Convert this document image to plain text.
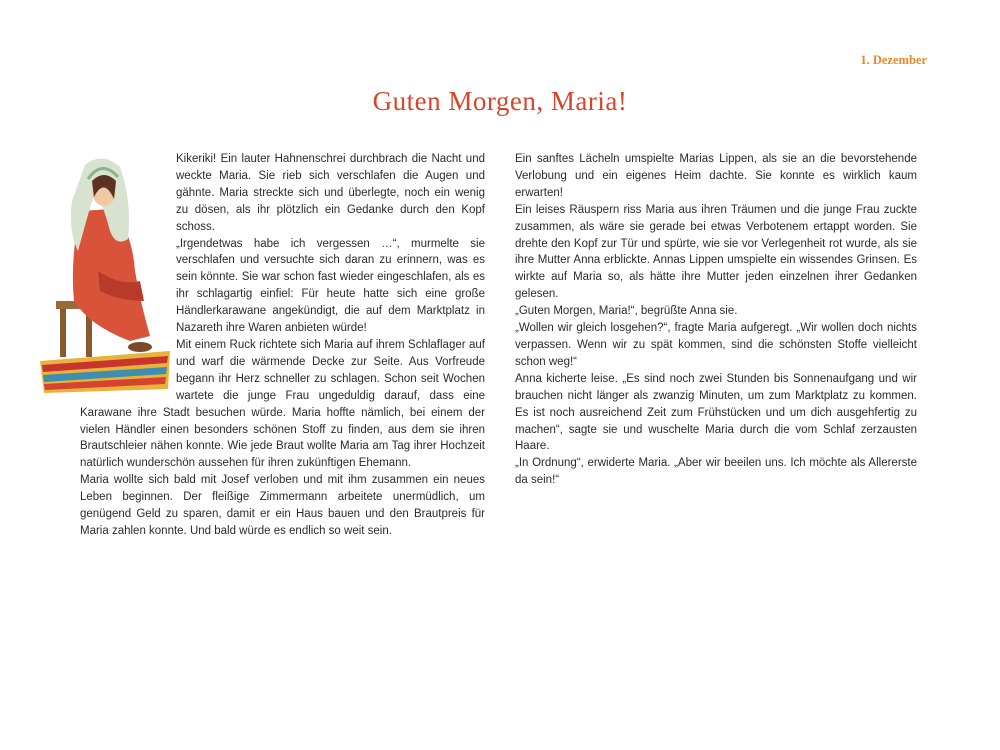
1. Dezember
Guten Morgen, Maria!

Kikeriki! Ein lauter Hahnenschrei durchbrach die Nacht und weckte Maria. Sie rieb sich verschlafen die Augen und gähnte. Maria streckte sich und überlegte, noch ein wenig zu dösen, als ihr plötzlich ein Gedanke durch den Kopf schoss.

„Irgendetwas habe ich vergessen …“, murmelte sie verschlafen und versuchte sich daran zu erinnern, was es sein könnte. Sie war schon fast wieder eingeschlafen, als es ihr schlagartig einfiel: Für heute hatte sich eine große Händlerkarawane angekündigt, die auf dem Marktplatz in Nazareth ihre Waren anbieten würde!

Mit einem Ruck richtete sich Maria auf ihrem Schlaflager auf und warf die wärmende Decke zur Seite. Aus Vorfreude begann ihr Herz schneller zu schlagen. Schon seit Wochen wartete die junge Frau ungeduldig darauf, dass eine Karawane ihre Stadt besuchen würde. Maria hoffte nämlich, bei einem der vielen Händler einen besonders schönen Stoff zu finden, aus dem sie ihren Brautschleier nähen konnte. Wie jede Braut wollte Maria am Tag ihrer Hochzeit natürlich wunderschön aussehen für ihren zukünftigen Ehemann.

Maria wollte sich bald mit Josef verloben und mit ihm zusammen ein neues Leben beginnen. Der fleißige Zimmermann arbeitete unermüdlich, um genügend Geld zu sparen, damit er ein Haus bauen und den Brautpreis für Maria zahlen konnte. Und bald würde es endlich so weit sein.

Ein sanftes Lächeln umspielte Marias Lippen, als sie an die bevorstehende Verlobung und ein eigenes Heim dachte. Sie konnte es wirklich kaum erwarten!

Ein leises Räuspern riss Maria aus ihren Träumen und die junge Frau zuckte zusammen, als wäre sie gerade bei etwas Verbotenem ertappt worden. Sie drehte den Kopf zur Tür und spürte, wie sie vor Verlegenheit rot wurde, als sie ihre Mutter Anna erblickte. Annas Lippen umspielte ein wissendes Grinsen. Es wirkte auf Maria so, als hätte ihre Mutter jeden einzelnen ihrer Gedanken gelesen.

„Guten Morgen, Maria!“, begrüßte Anna sie.

„Wollen wir gleich losgehen?“, fragte Maria aufgeregt. „Wir wollen doch nichts verpassen. Wenn wir zu spät kommen, sind die schönsten Stoffe vielleicht schon weg!“

Anna kicherte leise. „Es sind noch zwei Stunden bis Sonnenaufgang und wir brauchen nicht länger als zwanzig Minuten, um zum Marktplatz zu kommen. Es ist noch ausreichend Zeit zum Frühstücken und um dich ausgehfertig zu machen“, sagte sie und wuschelte Maria durch die vom Schlaf zerzausten Haare.

„In Ordnung“, erwiderte Maria. „Aber wir beeilen uns. Ich möchte als Allererste da sein!“
